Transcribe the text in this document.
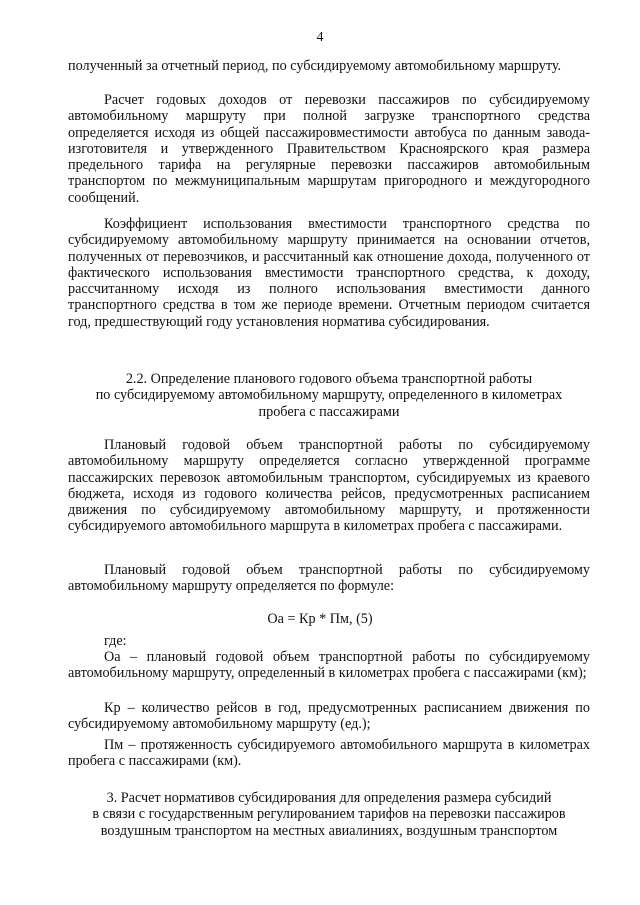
4

полученный за отчетный период, по субсидируемому автомобильному маршруту.

Расчет годовых доходов от перевозки пассажиров по субсидируемому автомобильному маршруту при полной загрузке транспортного средства определяется исходя из общей пассажировместимости автобуса по данным завода-изготовителя и утвержденного Правительством Красноярского края размера предельного тарифа на регулярные перевозки пассажиров автомобильным транспортом по межмуниципальным маршрутам пригородного и междугородного сообщений.

Коэффициент использования вместимости транспортного средства по субсидируемому автомобильному маршруту принимается на основании отчетов, полученных от перевозчиков, и рассчитанный как отношение дохода, полученного от фактического использования вместимости транспортного средства, к доходу, рассчитанному исходя из полного использования вместимости данного транспортного средства в том же периоде времени. Отчетным периодом считается год, предшествующий году установления норматива субсидирования.

2.2. Определение планового годового объема транспортной работы
по субсидируемому автомобильному маршруту, определенного в километрах
пробега с пассажирами

Плановый годовой объем транспортной работы по субсидируемому автомобильному маршруту определяется согласно утвержденной программе пассажирских перевозок автомобильным транспортом, субсидируемых из краевого бюджета, исходя из годового количества рейсов, предусмотренных расписанием движения по субсидируемому автомобильному маршруту, и протяженности субсидируемого автомобильного маршрута в километрах пробега с пассажирами.

Плановый годовой объем транспортной работы по субсидируемому автомобильному маршруту определяется по формуле:

Оа = Кр * Пм, (5)

где:

Оа – плановый годовой объем транспортной работы по субсидируемому автомобильному маршруту, определенный в километрах пробега с пассажирами (км);

Кр – количество рейсов в год, предусмотренных расписанием движения по субсидируемому автомобильному маршруту (ед.);

Пм – протяженность субсидируемого автомобильного маршрута в километрах пробега с пассажирами (км).

3. Расчет нормативов субсидирования для определения размера субсидий
в связи с государственным регулированием тарифов на перевозки пассажиров
воздушным транспортом на местных авиалиниях, воздушным транспортом
